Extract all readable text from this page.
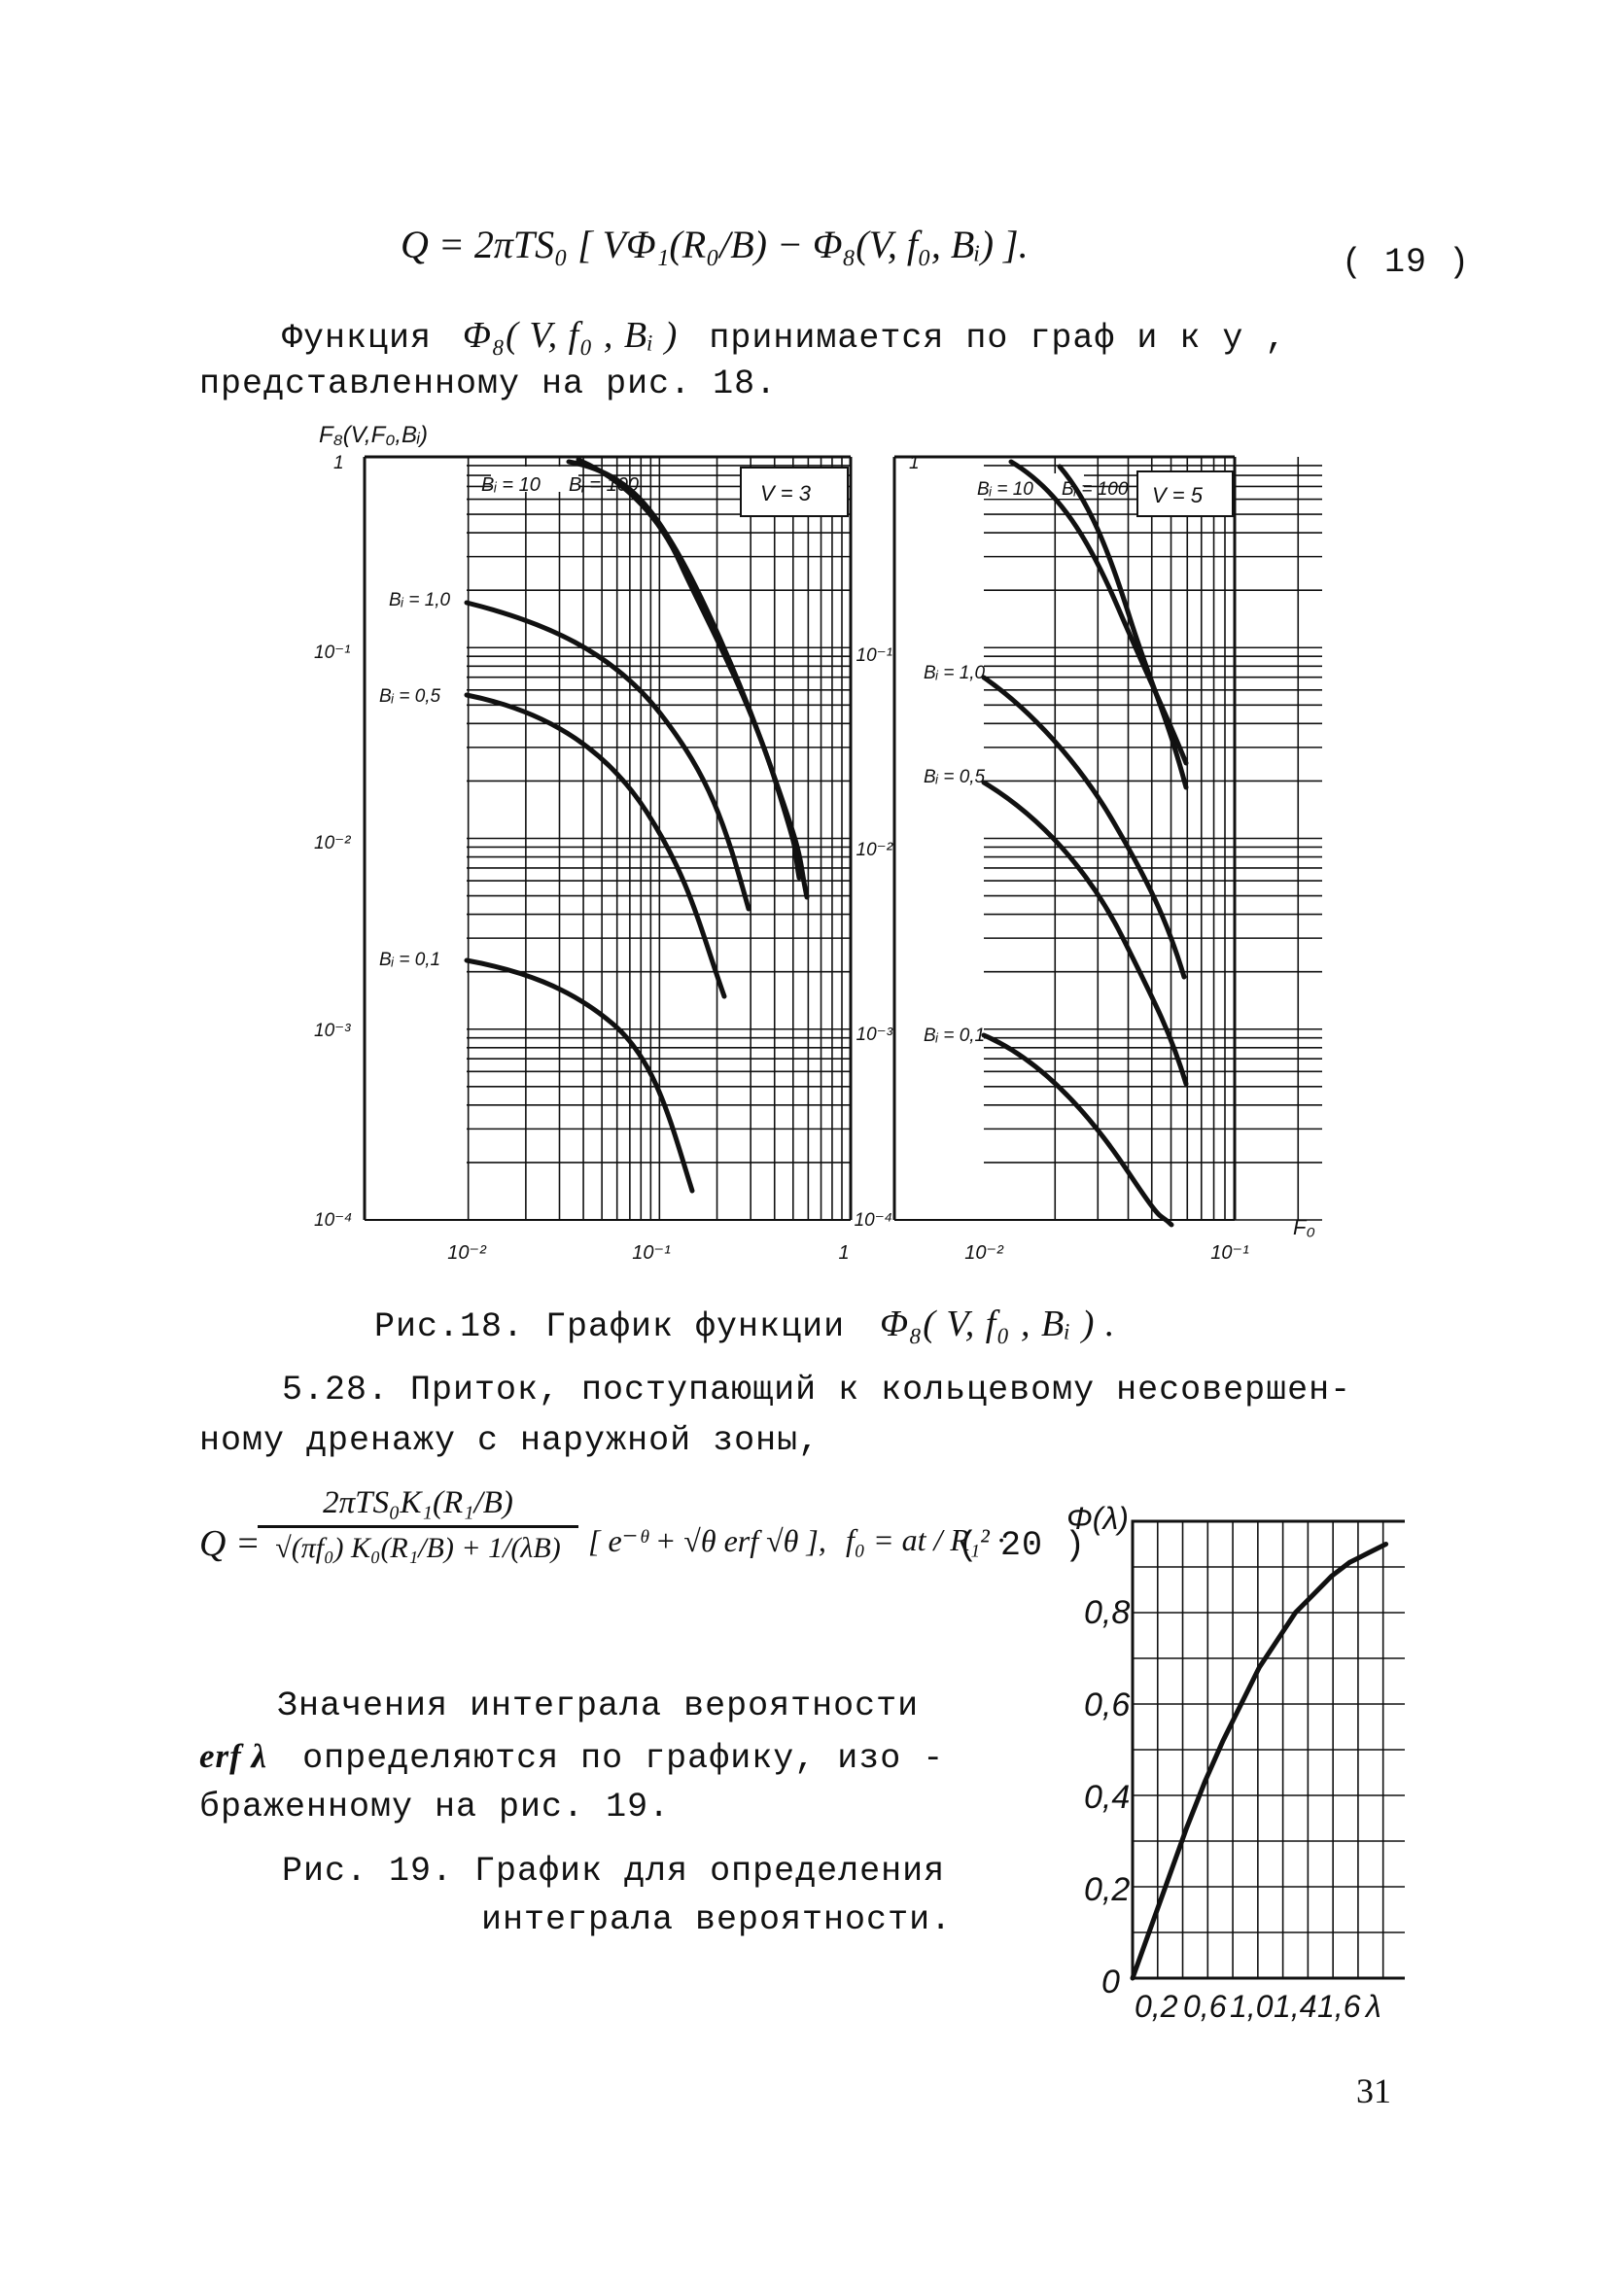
Q = 2πTS₀ [ VΦ₁(R₀/B) − Φ₈(V, f₀, Bᵢ) ].	( 19 )
Функция Φ₈( V, f₀ , Bᵢ ) принимается по граф и к у ,
представленному на рис. 18.
F₈(V,F₀,Bᵢ)
Bᵢ = 10 Bᵢ = 100	V = 3
Bᵢ = 1,0
Bᵢ = 0,5
Bᵢ = 0,1
Bᵢ = 10 Bᵢ = 100 V = 5
Bᵢ = 1,0
Bᵢ = 0,5
Bᵢ = 0,1
1
10⁻¹
10⁻²
10⁻³
10⁻⁴
1
10⁻¹
10⁻²
10⁻³
10⁻⁴
10⁻²	10⁻¹	1	10⁻²	10⁻¹
F₀
Рис.18. График функции Φ₈( V, f₀ , Bᵢ ) .
5.28. Приток, поступающий к кольцевому несовершен-
ному дренажу с наружной зоны,
Q =
2πTS₀K₁(R₁/B)
√(πf₀) K₀(R₁/B) + 1/(λB) [ e⁻ᶿ + √θ erf √θ ], f₀ = at / R₁² ·
( 20 )
Значения интеграла вероятности
erf λ определяются по графику, изо -
браженному на рис. 19.
Рис. 19. График для определения
интеграла вероятности.
Φ(λ)
0,8
0,6
0,4
0,2
0
0,2 0,6 1,0 1,4 1,6 λ
31
